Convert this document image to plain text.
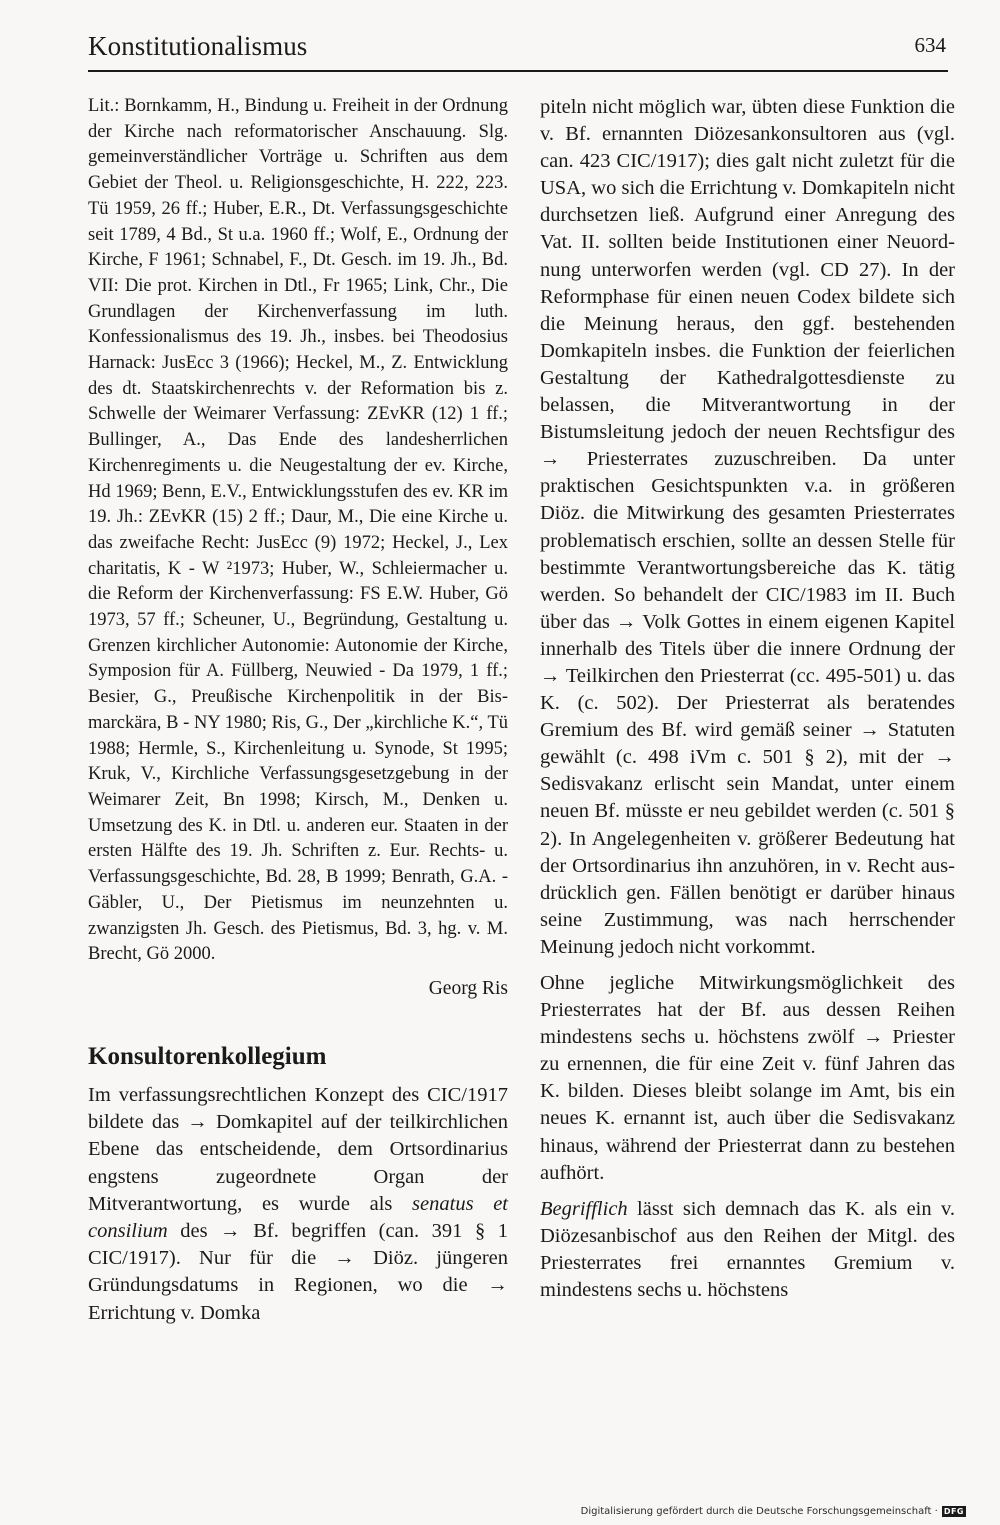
Konstitutionalismus	634

Lit.: Bornkamm, H., Bindung u. Freiheit in der Ordnung der Kirche nach reformatorischer Anschauung. Slg. gemeinverständlicher Vorträge u. Schriften aus dem Gebiet der Theol. u. Religionsgeschichte, H. 222, 223. Tü 1959, 26 ff.; Huber, E.R., Dt. Verfassungsgeschichte seit 1789, 4 Bd., St u.a. 1960 ff.; Wolf, E., Ordnung der Kirche, F 1961; Schnabel, F., Dt. Gesch. im 19. Jh., Bd. VII: Die prot. Kirchen in Dtl., Fr 1965; Link, Chr., Die Grundlagen der Kirchenverfassung im luth. Konfessionalismus des 19. Jh., insbes. bei Theodosius Harnack: JusEcc 3 (1966); Heckel, M., Z. Entwicklung des dt. Staatskirchenrechts v. der Reformation bis z. Schwelle der Weimarer Verfassung: ZEvKR (12) 1 ff.; Bullinger, A., Das Ende des landesherrlichen Kirchenregiments u. die Neugestaltung der ev. Kirche, Hd 1969; Benn, E.V., Entwicklungsstufen des ev. KR im 19. Jh.: ZEvKR (15) 2 ff.; Daur, M., Die eine Kirche u. das zweifache Recht: JusEcc (9) 1972; Heckel, J., Lex charitatis, K - W ²1973; Huber, W., Schleiermacher u. die Reform der Kirchenverfassung: FS E.W. Huber, Gö 1973, 57 ff.; Scheuner, U., Begründung, Gestaltung u. Grenzen kirchlicher Autonomie: Autonomie der Kirche, Symposion für A. Füllberg, Neuwied - Da 1979, 1 ff.; Besier, G., Preußische Kirchenpolitik in der Bismarckära, B - NY 1980; Ris, G., Der „kirchliche K.“, Tü 1988; Hermle, S., Kirchenleitung u. Synode, St 1995; Kruk, V., Kirchliche Verfassungsgesetzgebung in der Weimarer Zeit, Bn 1998; Kirsch, M., Denken u. Umsetzung des K. in Dtl. u. anderen eur. Staaten in der ersten Hälfte des 19. Jh. Schriften z. Eur. Rechts- u. Verfassungsgeschichte, Bd. 28, B 1999; Benrath, G.A. - Gäbler, U., Der Pietismus im neunzehnten u. zwanzigsten Jh. Gesch. des Pietismus, Bd. 3, hg. v. M. Brecht, Gö 2000.

Georg Ris

Konsultorenkollegium

Im verfassungsrechtlichen Konzept des CIC/1917 bildete das → Domkapitel auf der teilkirchlichen Ebene das entscheidende, dem Ortsordinarius engstens zugeordnete Organ der Mitverantwortung, es wurde als senatus et consilium des → Bf. begriffen (can. 391 § 1 CIC/1917). Nur für die → Diöz. jüngeren Gründungsdatums in Regionen, wo die → Errichtung v. Domka

piteln nicht möglich war, übten diese Funktion die v. Bf. ernannten Diözesankonsultoren aus (vgl. can. 423 CIC/1917); dies galt nicht zuletzt für die USA, wo sich die Errichtung v. Domkapiteln nicht durchsetzen ließ. Aufgrund einer Anregung des Vat. II. sollten beide Institutionen einer Neuordnung unterworfen werden (vgl. CD 27). In der Reformphase für einen neuen Codex bildete sich die Meinung heraus, den ggf. bestehenden Domkapiteln insbes. die Funktion der feierlichen Gestaltung der Kathedralgottesdienste zu belassen, die Mitverantwortung in der Bistumsleitung jedoch der neuen Rechtsfigur des → Priesterrates zuzuschreiben. Da unter praktischen Gesichtspunkten v.a. in größeren Diöz. die Mitwirkung des gesamten Priesterrates problematisch erschien, sollte an dessen Stelle für bestimmte Verantwortungsbereiche das K. tätig werden. So behandelt der CIC/1983 im II. Buch über das → Volk Gottes in einem eigenen Kapitel innerhalb des Titels über die innere Ordnung der → Teilkirchen den Priesterrat (cc. 495-501) u. das K. (c. 502). Der Priesterrat als beratendes Gremium des Bf. wird gemäß seiner → Statuten gewählt (c. 498 iVm c. 501 § 2), mit der → Sedisvakanz erlischt sein Mandat, unter einem neuen Bf. müsste er neu gebildet werden (c. 501 § 2). In Angelegenheiten v. größerer Bedeutung hat der Ortsordinarius ihn anzuhören, in v. Recht ausdrücklich gen. Fällen benötigt er darüber hinaus seine Zustimmung, was nach herrschender Meinung jedoch nicht vorkommt.

Ohne jegliche Mitwirkungsmöglichkeit des Priesterrates hat der Bf. aus dessen Reihen mindestens sechs u. höchstens zwölf → Priester zu ernennen, die für eine Zeit v. fünf Jahren das K. bilden. Dieses bleibt solange im Amt, bis ein neues K. ernannt ist, auch über die Sedisvakanz hinaus, während der Priesterrat dann zu bestehen aufhört.

Begrifflich lässt sich demnach das K. als ein v. Diözesanbischof aus den Reihen der Mitgl. des Priesterrates frei ernanntes Gremium v. mindestens sechs u. höchstens

Digitalisierung gefördert durch die Deutsche Forschungsgemeinschaft · DFG
